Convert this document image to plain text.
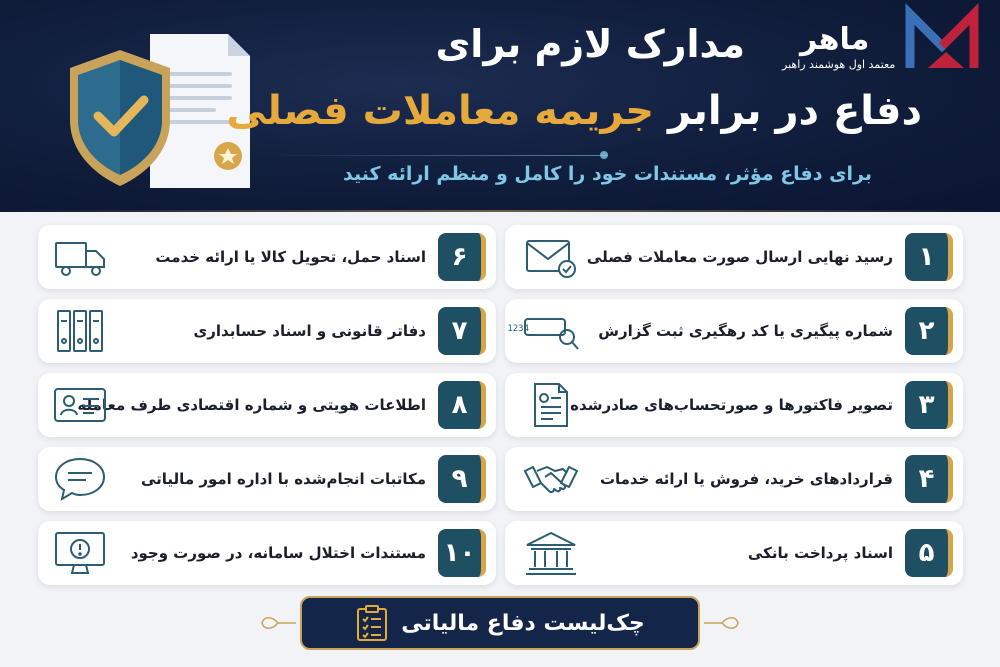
مدارک لازم برای
دفاع در برابر جریمه معاملات فصلی
برای دفاع مؤثر، مستندات خود را کامل و منظم ارائه کنید
ماهر
معتمد اول هوشمند راهبر
۱
رسید نهایی ارسال صورت معاملات فصلی
۲
شماره پیگیری یا کد رهگیری ثبت گزارش
1234
۳
تصویر فاکتورها و صورتحساب‌های صادرشده
۴
قراردادهای خرید، فروش یا ارائه خدمات
۵
اسناد پرداخت بانکی
۶
اسناد حمل، تحویل کالا یا ارائه خدمت
۷
دفاتر قانونی و اسناد حسابداری
۸
اطلاعات هویتی و شماره اقتصادی طرف معامله
۹
مکاتبات انجام‌شده با اداره امور مالیاتی
۱۰
مستندات اختلال سامانه، در صورت وجود
چک‌لیست دفاع مالیاتی
